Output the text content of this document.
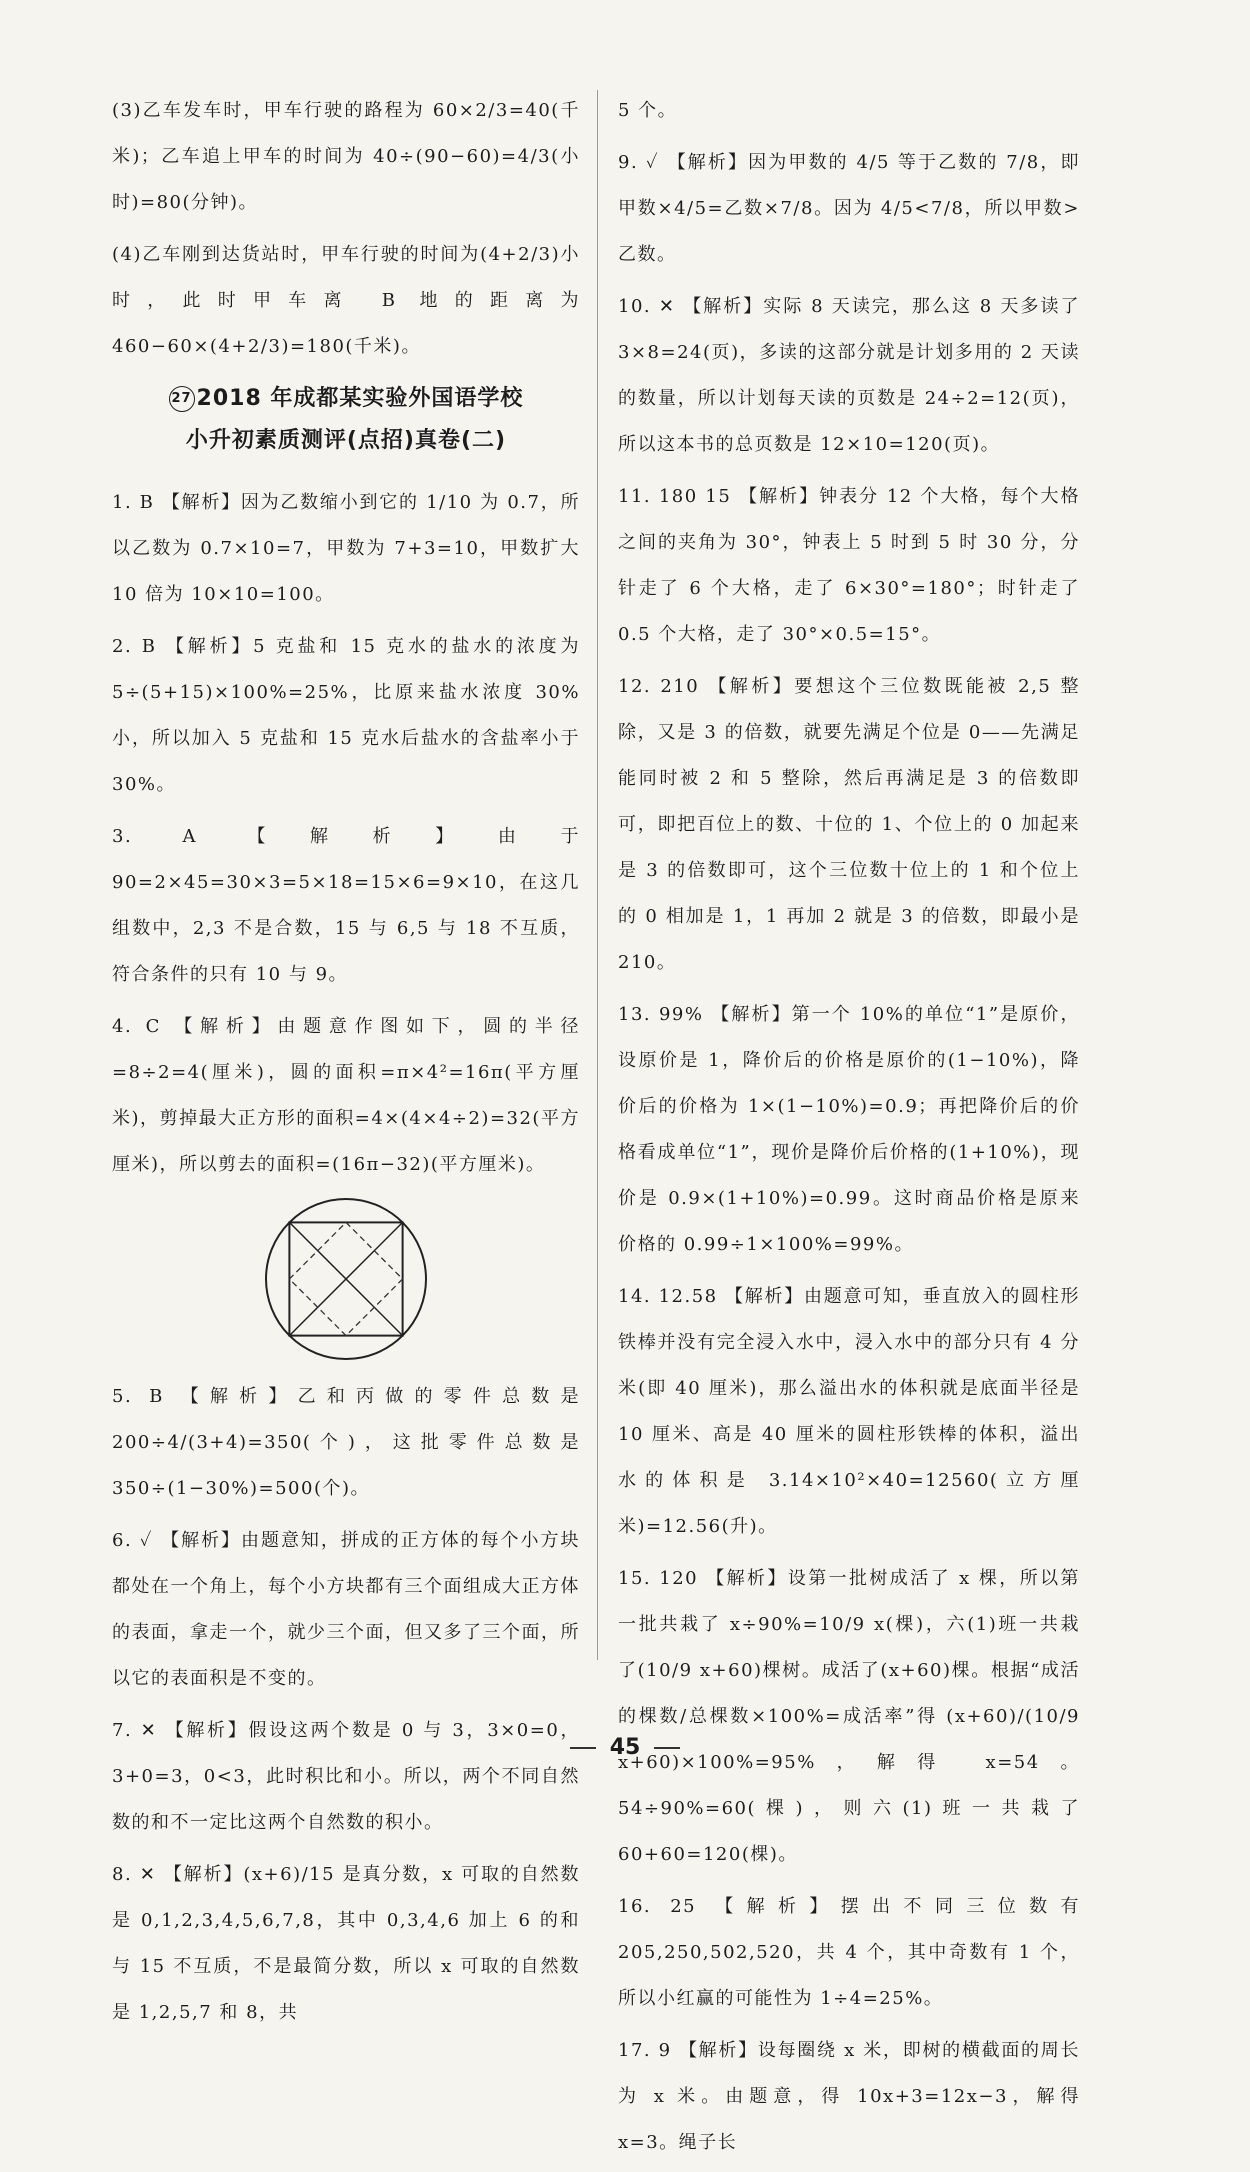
(3)乙车发车时，甲车行驶的路程为 60×2/3=40(千米)；乙车追上甲车的时间为 40÷(90−60)=4/3(小时)=80(分钟)。

(4)乙车刚到达货站时，甲车行驶的时间为(4+2/3)小时，此时甲车离 B 地的距离为 460−60×(4+2/3)=180(千米)。

27 2018 年成都某实验外国语学校
小升初素质测评(点招)真卷(二)

1. B 【解析】因为乙数缩小到它的 1/10 为 0.7，所以乙数为 0.7×10=7，甲数为 7+3=10，甲数扩大 10 倍为 10×10=100。

2. B 【解析】5 克盐和 15 克水的盐水的浓度为 5÷(5+15)×100%=25%，比原来盐水浓度 30%小，所以加入 5 克盐和 15 克水后盐水的含盐率小于 30%。

3. A 【解析】由于 90=2×45=30×3=5×18=15×6=9×10，在这几组数中，2,3 不是合数，15 与 6,5 与 18 不互质，符合条件的只有 10 与 9。

4. C 【解析】由题意作图如下，圆的半径=8÷2=4(厘米)，圆的面积=π×4²=16π(平方厘米)，剪掉最大正方形的面积=4×(4×4÷2)=32(平方厘米)，所以剪去的面积=(16π−32)(平方厘米)。

5. B 【解析】乙和丙做的零件总数是 200÷4/(3+4)=350(个)，这批零件总数是 350÷(1−30%)=500(个)。

6. ✓ 【解析】由题意知，拼成的正方体的每个小方块都处在一个角上，每个小方块都有三个面组成大正方体的表面，拿走一个，就少三个面，但又多了三个面，所以它的表面积是不变的。

7. ✕ 【解析】假设这两个数是 0 与 3，3×0=0，3+0=3，0<3，此时积比和小。所以，两个不同自然数的和不一定比这两个自然数的积小。

8. ✕ 【解析】(x+6)/15 是真分数，x 可取的自然数是 0,1,2,3,4,5,6,7,8，其中 0,3,4,6 加上 6 的和与 15 不互质，不是最简分数，所以 x 可取的自然数是 1,2,5,7 和 8，共

5 个。

9. ✓ 【解析】因为甲数的 4/5 等于乙数的 7/8，即甲数×4/5=乙数×7/8。因为 4/5<7/8，所以甲数>乙数。

10. ✕ 【解析】实际 8 天读完，那么这 8 天多读了 3×8=24(页)，多读的这部分就是计划多用的 2 天读的数量，所以计划每天读的页数是 24÷2=12(页)，所以这本书的总页数是 12×10=120(页)。

11. 180 15 【解析】钟表分 12 个大格，每个大格之间的夹角为 30°，钟表上 5 时到 5 时 30 分，分针走了 6 个大格，走了 6×30°=180°；时针走了 0.5 个大格，走了 30°×0.5=15°。

12. 210 【解析】要想这个三位数既能被 2,5 整除，又是 3 的倍数，就要先满足个位是 0——先满足能同时被 2 和 5 整除，然后再满足是 3 的倍数即可，即把百位上的数、十位的 1、个位上的 0 加起来是 3 的倍数即可，这个三位数十位上的 1 和个位上的 0 相加是 1，1 再加 2 就是 3 的倍数，即最小是 210。

13. 99% 【解析】第一个 10%的单位“1”是原价，设原价是 1，降价后的价格是原价的(1−10%)，降价后的价格为 1×(1−10%)=0.9；再把降价后的价格看成单位“1”，现价是降价后价格的(1+10%)，现价是 0.9×(1+10%)=0.99。这时商品价格是原来价格的 0.99÷1×100%=99%。

14. 12.58 【解析】由题意可知，垂直放入的圆柱形铁棒并没有完全浸入水中，浸入水中的部分只有 4 分米(即 40 厘米)，那么溢出水的体积就是底面半径是 10 厘米、高是 40 厘米的圆柱形铁棒的体积，溢出水的体积是 3.14×10²×40=12560(立方厘米)=12.56(升)。

15. 120 【解析】设第一批树成活了 x 棵，所以第一批共栽了 x÷90%=10/9 x(棵)，六(1)班一共栽了(10/9 x+60)棵树。成活了(x+60)棵。根据“成活的棵数/总棵数×100%=成活率”得 (x+60)/(10/9 x+60)×100%=95%，解得 x=54。54÷90%=60(棵)，则六(1)班一共栽了 60+60=120(棵)。

16. 25 【解析】摆出不同三位数有 205,250,502,520，共 4 个，其中奇数有 1 个，所以小红赢的可能性为 1÷4=25%。

17. 9 【解析】设每圈绕 x 米，即树的横截面的周长为 x 米。由题意，得 10x+3=12x−3，解得 x=3。绳子长

45
